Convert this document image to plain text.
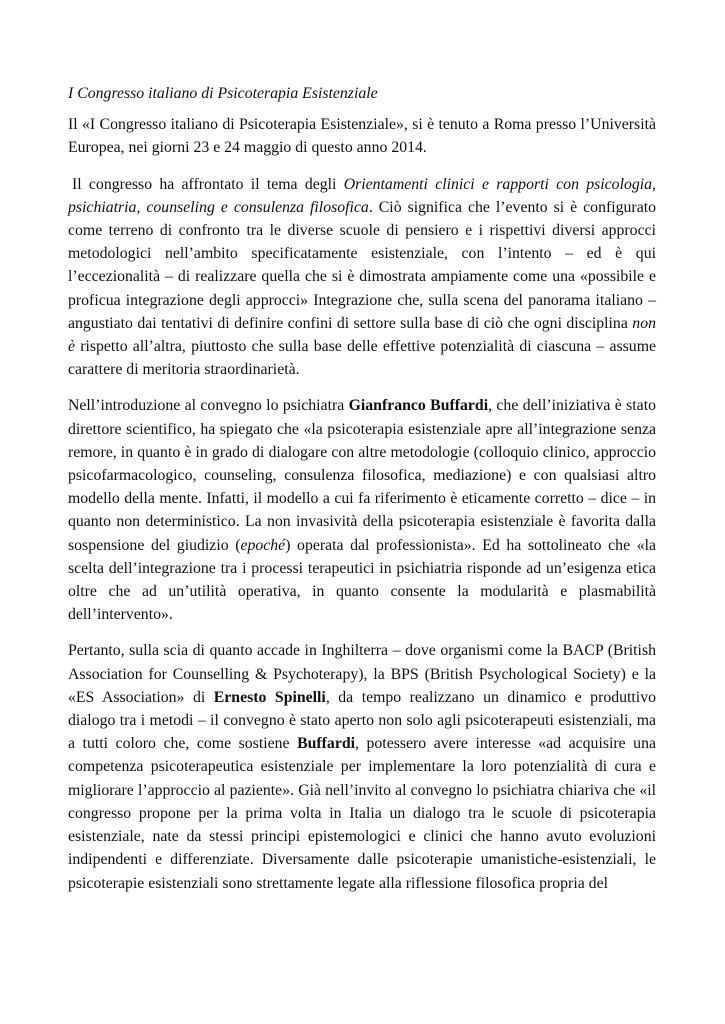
I Congresso italiano di Psicoterapia Esistenziale

Il «I Congresso italiano di Psicoterapia Esistenziale», si è tenuto a Roma presso l’Università Europea, nei giorni 23 e 24 maggio di questo anno 2014.

Il congresso ha affrontato il tema degli Orientamenti clinici e rapporti con psicologia, psichiatria, counseling e consulenza filosofica. Ciò significa che l’evento si è configurato come terreno di confronto tra le diverse scuole di pensiero e i rispettivi diversi approcci metodologici nell’ambito specificatamente esistenziale, con l’intento – ed è qui l’eccezionalità – di realizzare quella che si è dimostrata ampiamente come una «possibile e proficua integrazione degli approcci» Integrazione che, sulla scena del panorama italiano – angustiato dai tentativi di definire confini di settore sulla base di ciò che ogni disciplina non è rispetto all’altra, piuttosto che sulla base delle effettive potenzialità di ciascuna – assume carattere di meritoria straordinarietà.

Nell’introduzione al convegno lo psichiatra Gianfranco Buffardi, che dell’iniziativa è stato direttore scientifico, ha spiegato che «la psicoterapia esistenziale apre all’integrazione senza remore, in quanto è in grado di dialogare con altre metodologie (colloquio clinico, approccio psicofarmacologico, counseling, consulenza filosofica, mediazione) e con qualsiasi altro modello della mente. Infatti, il modello a cui fa riferimento è eticamente corretto – dice – in quanto non deterministico. La non invasività della psicoterapia esistenziale è favorita dalla sospensione del giudizio (epoché) operata dal professionista». Ed ha sottolineato che «la scelta dell’integrazione tra i processi terapeutici in psichiatria risponde ad un’esigenza etica oltre che ad un’utilità operativa, in quanto consente la modularità e plasmabilità dell’intervento».

Pertanto, sulla scia di quanto accade in Inghilterra – dove organismi come la BACP (British Association for Counselling & Psychoterapy), la BPS (British Psychological Society) e la «ES Association» di Ernesto Spinelli, da tempo realizzano un dinamico e produttivo dialogo tra i metodi – il convegno è stato aperto non solo agli psicoterapeuti esistenziali, ma a tutti coloro che, come sostiene Buffardi, potessero avere interesse «ad acquisire una competenza psicoterapeutica esistenziale per implementare la loro potenzialità di cura e migliorare l’approccio al paziente». Già nell’invito al convegno lo psichiatra chiariva che «il congresso propone per la prima volta in Italia un dialogo tra le scuole di psicoterapia esistenziale, nate da stessi principi epistemologici e clinici che hanno avuto evoluzioni indipendenti e differenziate. Diversamente dalle psicoterapie umanistiche-esistenziali, le psicoterapie esistenziali sono strettamente legate alla riflessione filosofica propria del
